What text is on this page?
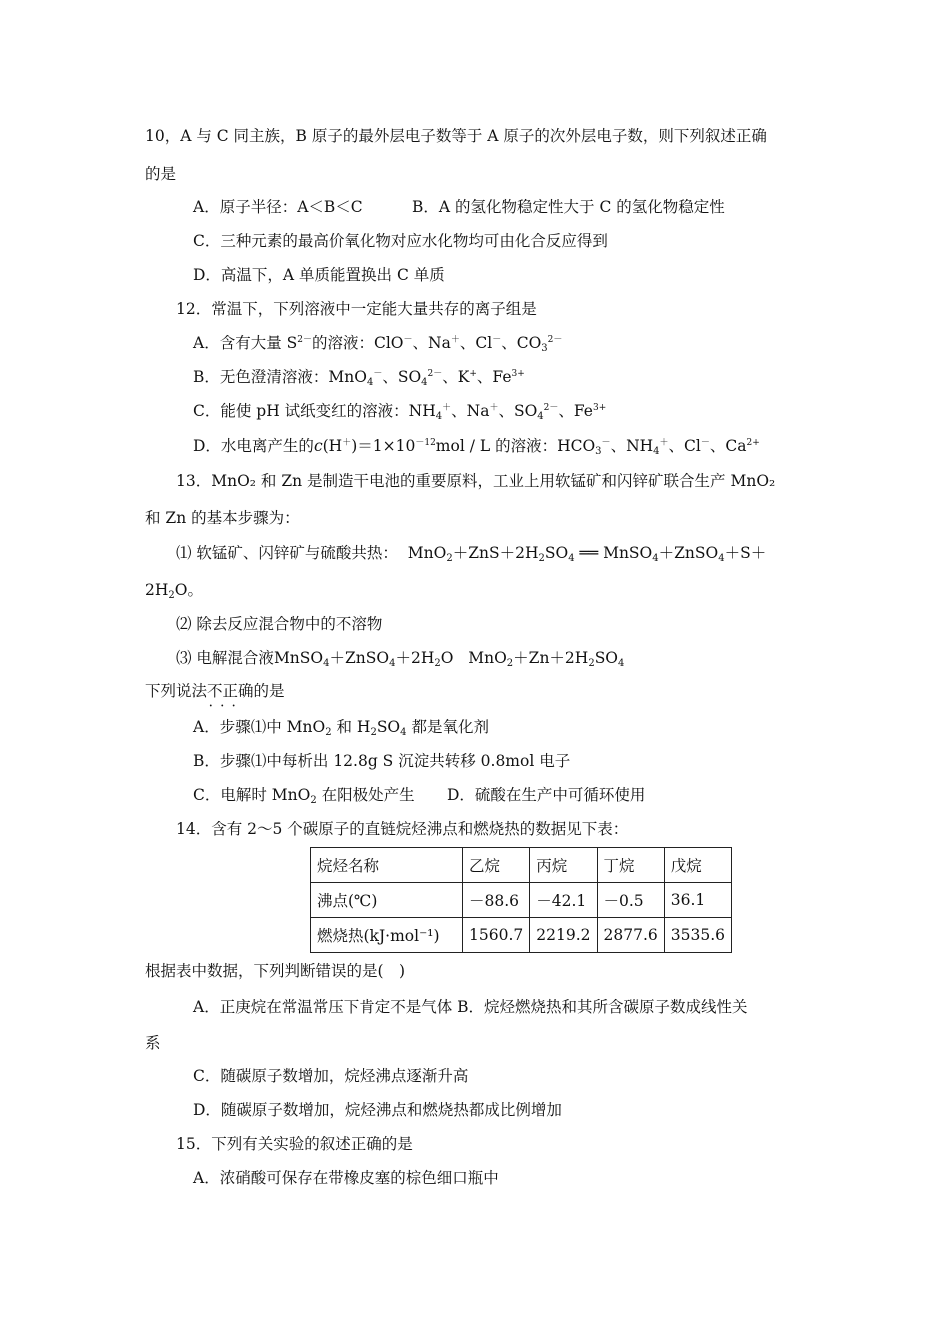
10，A 与 C 同主族，B 原子的最外层电子数等于 A 原子的次外层电子数，则下列叙述正确
的是
A．原子半径：A＜B＜C	B．A 的氢化物稳定性大于 C 的氢化物稳定性
C．三种元素的最高价氧化物对应水化物均可由化合反应得到
D．高温下，A 单质能置换出 C 单质
12．常温下，下列溶液中一定能大量共存的离子组是
A．含有大量 $S^{2-}$的溶液：ClO－、Na＋、Cl－、$CO_3^{2-}$
B．无色澄清溶液：MnO$_4$－、$SO_4^{2-}$、K+、$Fe^{3+}$
C．能使 pH 试纸变红的溶液：$NH_4^+$、Na＋、$SO_4^{2-}$、$Fe^{3+}$
D．水电离产生的$c(H^+)=1\times 10^{-12}mol / L$ 的溶液：$HCO_3^-$、$NH_4^+$、Cl－、$Ca^{2+}$
13．MnO₂ 和 Zn 是制造干电池的重要原料，工业上用软锰矿和闪锌矿联合生产 MnO₂
和 Zn 的基本步骤为：
⑴ 软锰矿、闪锌矿与硫酸共热：  $MnO_2+ZnS+2H_2SO_4$ ══ MnSO$_4$＋ZnSO$_4$＋S＋
$2H_2O$。
⑵ 除去反应混合物中的不溶物
⑶ 电解混合液$MnSO_4+ZnSO_4+2H_2O$   $MnO_2+Zn+2H_2SO_4$
下列说法不正确 • • •的是
A．步骤⑴中 MnO$_2$ 和 $H_2SO_4$ 都是氧化剂
B．步骤⑴中每析出 12.8g S 沉淀共转移 0.8mol 电子
C．电解时 MnO$_2$ 在阳极处产生 D．硫酸在生产中可循环使用
14．含有 2～5 个碳原子的直链烷烃沸点和燃烧热的数据见下表：
烷烃名称	乙烷	丙烷	丁烷	戊烷
沸点(℃)	－88.6	－42.1	－0.5	36.1
燃烧热(kJ·mol⁻¹)	1560.7	2219.2	2877.6	3535.6
根据表中数据，下列判断错误的是(　)
A．正庚烷在常温常压下肯定不是气体 B．烷烃燃烧热和其所含碳原子数成线性关
系
C．随碳原子数增加，烷烃沸点逐渐升高
D．随碳原子数增加，烷烃沸点和燃烧热都成比例增加
15．下列有关实验的叙述正确的是
A．浓硝酸可保存在带橡皮塞的棕色细口瓶中
